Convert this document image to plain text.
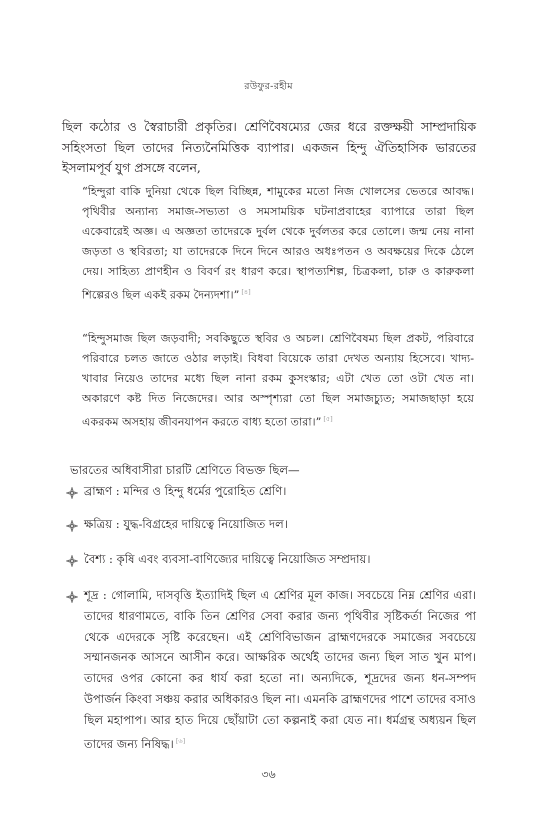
রউফুর-রহীম
ছিল কঠোর ও স্বৈরাচারী প্রকৃতির। শ্রেণিবৈষম্যের জের ধরে রক্তক্ষয়ী সাম্প্রদায়িক সহিংসতা ছিল তাদের নিত্যনৈমিত্তিক ব্যাপার। একজন হিন্দু ঐতিহাসিক ভারতের ইসলামপূর্ব যুগ প্রসঙ্গে বলেন,
“হিন্দুরা বাকি দুনিয়া থেকে ছিল বিচ্ছিন্ন, শামুকের মতো নিজ খোলসের ভেতরে আবদ্ধ। পৃথিবীর অন্যান্য সমাজ-সভ্যতা ও সমসাময়িক ঘটনাপ্রবাহের ব্যাপারে তারা ছিল একেবারেই অজ্ঞ। এ অজ্ঞতা তাদেরকে দুর্বল থেকে দুর্বলতর করে তোলে। জন্ম নেয় নানা জড়তা ও স্থবিরতা; যা তাদেরকে দিনে দিনে আরও অধঃপতন ও অবক্ষয়ের দিকে ঠেলে দেয়। সাহিত্য প্রাণহীন ও বিবর্ণ রং ধারণ করে। স্থাপত্যশিল্প, চিত্রকলা, চারু ও কারুকলা শিল্পেরও ছিল একই রকম দৈন্যদশা।” [৪]
“হিন্দুসমাজ ছিল জড়বাদী; সবকিছুতে স্থবির ও অচল। শ্রেণিবৈষম্য ছিল প্রকট, পরিবারে পরিবারে চলত জাতে ওঠার লড়াই। বিধবা বিয়েকে তারা দেখত অন্যায় হিসেবে। খাদ্য-খাবার নিয়েও তাদের মধ্যে ছিল নানা রকম কুসংস্কার; এটা খেত তো ওটা খেত না। অকারণে কষ্ট দিত নিজেদের। আর অস্পৃশ্যরা তো ছিল সমাজচ্যুত; সমাজছাড়া হয়ে একরকম অসহায় জীবনযাপন করতে বাধ্য হতো তারা।” [৫]
ভারতের অধিবাসীরা চারটি শ্রেণিতে বিভক্ত ছিল—
ব্রাহ্মণ : মন্দির ও হিন্দু ধর্মের পুরোহিত শ্রেণি।
ক্ষত্রিয় : যুদ্ধ-বিগ্রহের দায়িত্বে নিয়োজিত দল।
বৈশ্য : কৃষি এবং ব্যবসা-বাণিজ্যের দায়িত্বে নিয়োজিত সম্প্রদায়।
শূদ্র : গোলামি, দাসবৃত্তি ইত্যাদিই ছিল এ শ্রেণির মূল কাজ। সবচেয়ে নিম্ন শ্রেণির এরা। তাদের ধারণামতে, বাকি তিন শ্রেণির সেবা করার জন্য পৃথিবীর সৃষ্টিকর্তা নিজের পা থেকে এদেরকে সৃষ্টি করেছেন। এই শ্রেণিবিভাজন ব্রাহ্মণদেরকে সমাজের সবচেয়ে সম্মানজনক আসনে আসীন করে। আক্ষরিক অর্থেই তাদের জন্য ছিল সাত খুন মাপ। তাদের ওপর কোনো কর ধার্য করা হতো না। অন্যদিকে, শূদ্রদের জন্য ধন-সম্পদ উপার্জন কিংবা সঞ্চয় করার অধিকারও ছিল না। এমনকি ব্রাহ্মণদের পাশে তাদের বসাও ছিল মহাপাপ। আর হাত দিয়ে ছোঁয়াটা তো কল্পনাই করা যেত না। ধর্মগ্রন্থ অধ্যয়ন ছিল তাদের জন্য নিষিদ্ধ। [৬]
৩৬
